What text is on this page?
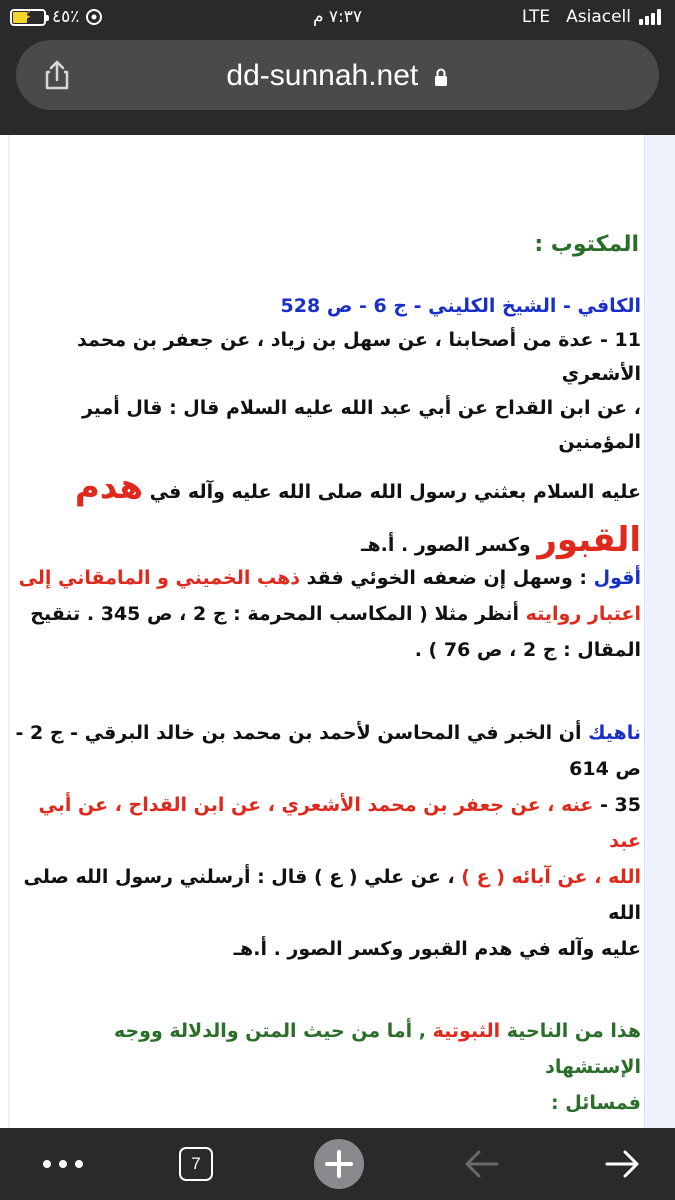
⚡ ٤٥٪	٧:٣٧ م	LTE Asiacell
dd-sunnah.net

المكتوب :

الكافي - الشيخ الكليني - ج 6 - ص 528

11 - عدة من أصحابنا ، عن سهل بن زياد ، عن جعفر بن محمد الأشعري

، عن ابن القداح عن أبي عبد الله عليه السلام قال : قال أمير المؤمنين

عليه السلام بعثني رسول الله صلى الله عليه وآله في هدم

القبور وكسر الصور . أ.هـ

أقول : وسهل إن ضعفه الخوئي فقد ذهب الخميني و المامقاني إلى

اعتبار روايته أنظر مثلا ( المكاسب المحرمة : ج 2 ، ص 345 . تنقيح

المقال : ج 2 ، ص 76 ) .

ناهيك أن الخبر في المحاسن لأحمد بن محمد بن خالد البرقي - ج 2 -

ص 614

35 - عنه ، عن جعفر بن محمد الأشعري ، عن ابن القداح ، عن أبي عبد

الله ، عن آبائه ( ع ) ، عن علي ( ع ) قال : أرسلني رسول الله صلى الله

عليه وآله في هدم القبور وكسر الصور . أ.هـ

هذا من الناحية الثبوتية , أما من حيث المتن والدلالة ووجه الإستشهاد

فمسائل :

7
